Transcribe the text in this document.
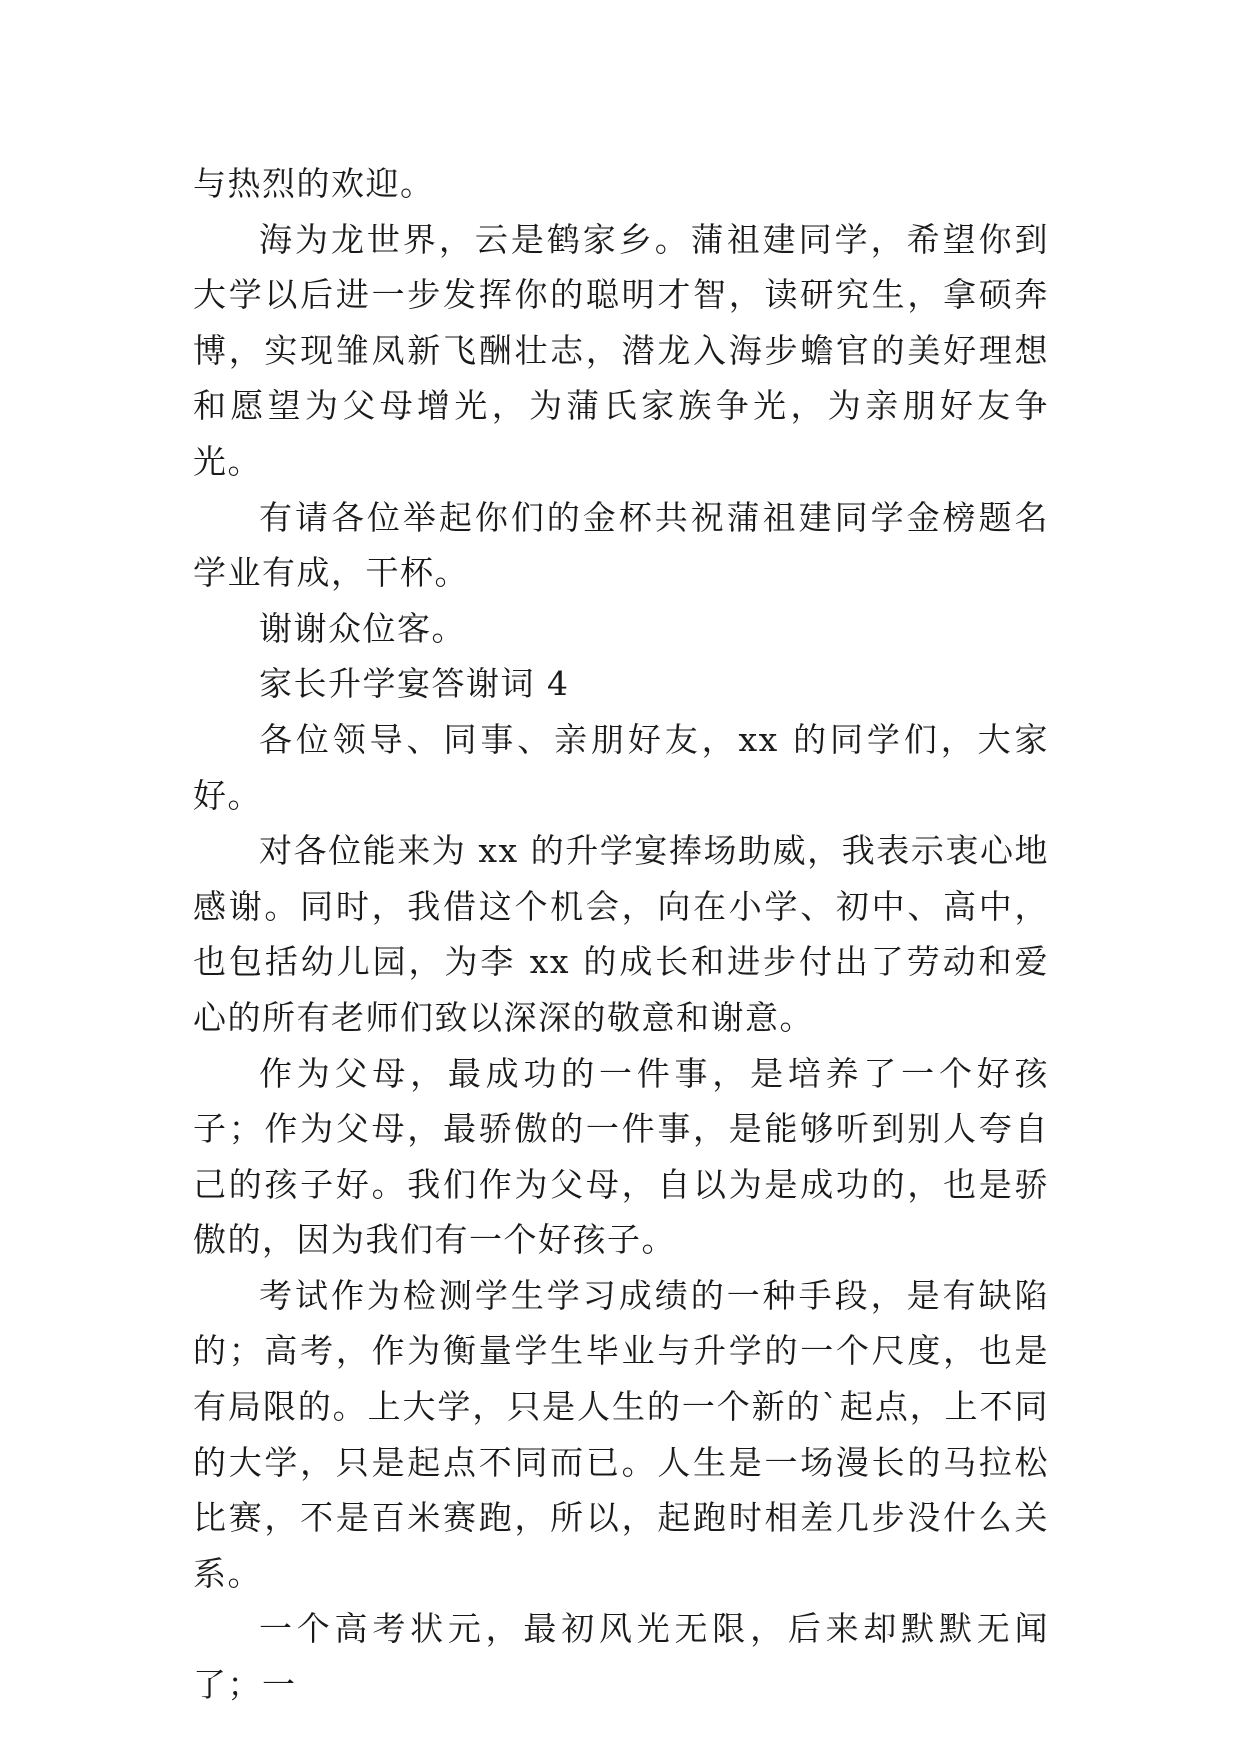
与热烈的欢迎。

海为龙世界，云是鹤家乡。蒲祖建同学，希望你到大学以后进一步发挥你的聪明才智，读研究生，拿硕奔博，实现雏凤新飞酬壮志，潜龙入海步蟾官的美好理想和愿望为父母增光，为蒲氏家族争光，为亲朋好友争光。

有请各位举起你们的金杯共祝蒲祖建同学金榜题名学业有成，干杯。

谢谢众位客。

家长升学宴答谢词 4

各位领导、同事、亲朋好友，xx 的同学们，大家好。

对各位能来为 xx 的升学宴捧场助威，我表示衷心地感谢。同时，我借这个机会，向在小学、初中、高中，也包括幼儿园，为李 xx 的成长和进步付出了劳动和爱心的所有老师们致以深深的敬意和谢意。

作为父母，最成功的一件事，是培养了一个好孩子；作为父母，最骄傲的一件事，是能够听到别人夸自己的孩子好。我们作为父母，自以为是成功的，也是骄傲的，因为我们有一个好孩子。

考试作为检测学生学习成绩的一种手段，是有缺陷的；高考，作为衡量学生毕业与升学的一个尺度，也是有局限的。上大学，只是人生的一个新的`起点，上不同的大学，只是起点不同而已。人生是一场漫长的马拉松比赛，不是百米赛跑，所以，起跑时相差几步没什么关系。

一个高考状元，最初风光无限，后来却默默无闻了；一
